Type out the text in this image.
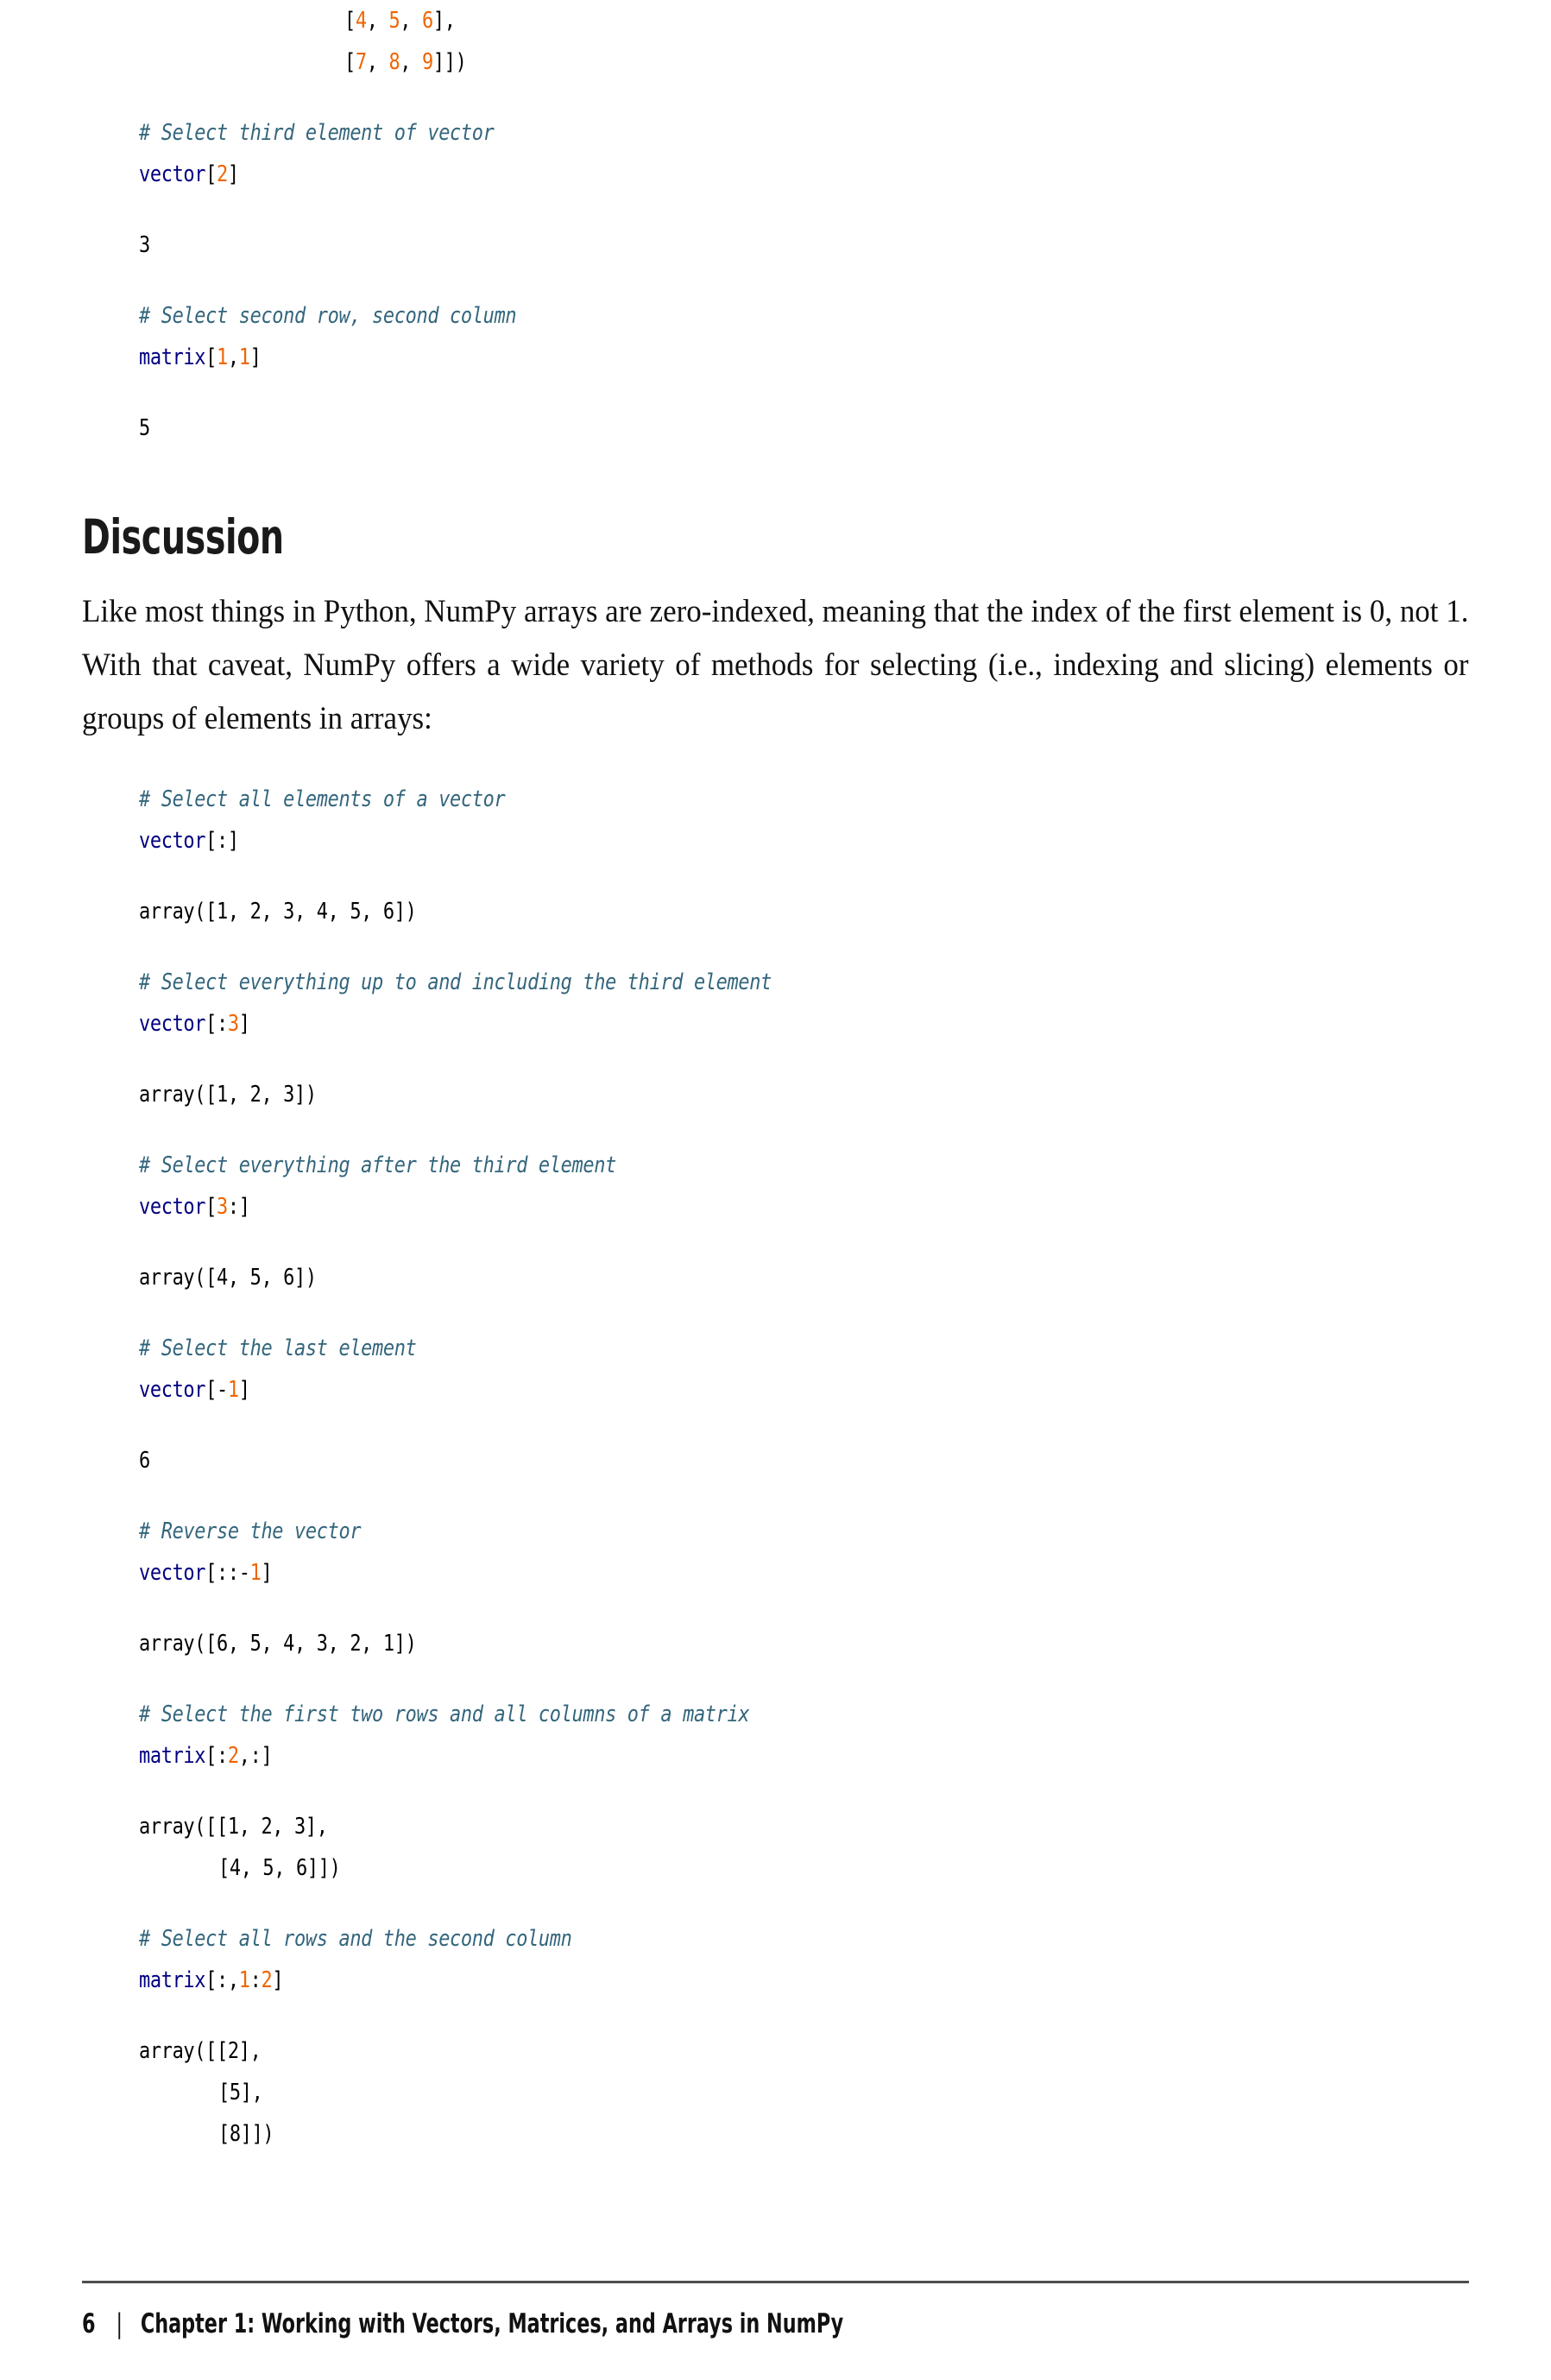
[4, 5, 6],
[7, 8, 9]])
# Select third element of vector
vector[2]
3
# Select second row, second column
matrix[1,1]
5
Discussion

Like most things in Python, NumPy arrays are zero-indexed, meaning that the index of the first element is 0, not 1. With that caveat, NumPy offers a wide variety of methods for selecting (i.e., indexing and slicing) elements or groups of elements in arrays:

# Select all elements of a vector
vector[:]
array([1, 2, 3, 4, 5, 6])
# Select everything up to and including the third element
vector[:3]
array([1, 2, 3])
# Select everything after the third element
vector[3:]
array([4, 5, 6])
# Select the last element
vector[-1]
6
# Reverse the vector
vector[::-1]
array([6, 5, 4, 3, 2, 1])
# Select the first two rows and all columns of a matrix
matrix[:2,:]
array([[1, 2, 3],
[4, 5, 6]])
# Select all rows and the second column
matrix[:,1:2]
array([[2],
[5],
[8]])
6 | Chapter 1: Working with Vectors, Matrices, and Arrays in NumPy
